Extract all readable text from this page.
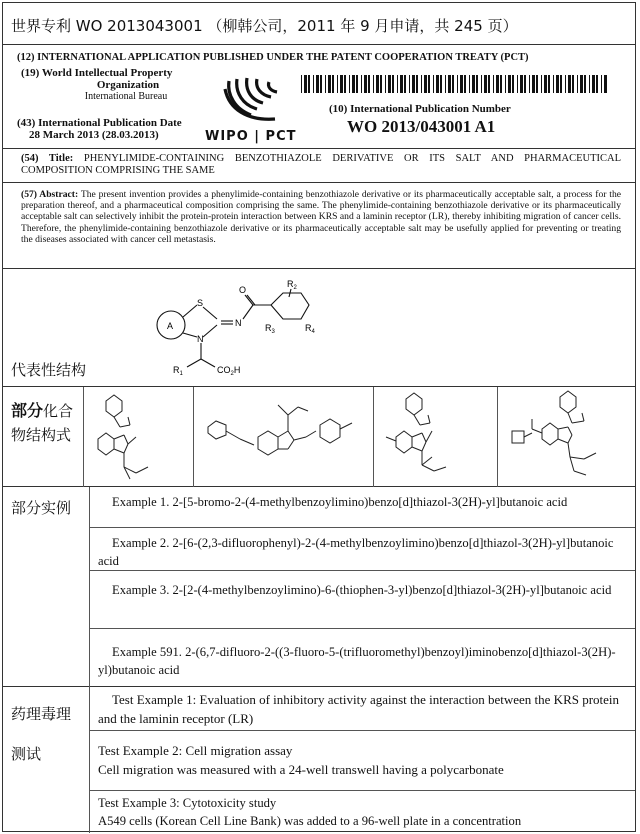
世界专利 WO 2013043001 （柳韩公司，2011 年 9 月申请，共 245 页）
(12) INTERNATIONAL APPLICATION PUBLISHED UNDER THE PATENT COOPERATION TREATY (PCT)
(19) World Intellectual Property
Organization
International Bureau
(43) International Publication Date
28 March 2013 (28.03.2013)	WIPO | PCT
(10) International Publication Number
WO 2013/043001 A1
(54) Title: PHENYLIMIDE-CONTAINING BENZOTHIAZOLE DERIVATIVE OR ITS SALT AND PHARMACEUTICAL COMPOSITION COMPRISING THE SAME
(57) Abstract: The present invention provides a phenylimide-containing benzothiazole derivative or its pharmaceutically acceptable salt, a process for the preparation thereof, and a pharmaceutical composition comprising the same. The phenylimide-containing benzothiazole derivative or its pharmaceutically acceptable salt can selectively inhibit the protein-protein interaction between KRS and a laminin receptor (LR), thereby inhibiting migration of cancer cells. Therefore, the phenylimide-containing benzothiazole derivative or its pharmaceutically acceptable salt may be usefully applied for preventing or treating the diseases associated with cancer cell metastasis.
代表性结构
A
S
N
N
O
$R_2$
$R_3$	$R_4$
$R_1$	$CO_2H$
部分化合物结构式
部分实例	Example 1. 2-[5-bromo-2-(4-methylbenzoylimino)benzo[d]thiazol-3(2H)-yl]butanoic acid

Example 2. 2-[6-(2,3-difluorophenyl)-2-(4-methylbenzoylimino)benzo[d]thiazol-3(2H)-yl]butanoic acid

Example 3. 2-[2-(4-methylbenzoylimino)-6-(thiophen-3-yl)benzo[d]thiazol-3(2H)-yl]butanoic acid

Example 591. 2-(6,7-difluoro-2-((3-fluoro-5-(trifluoromethyl)benzoyl)iminobenzo[d]thiazol-3(2H)-yl)butanoic acid

药理毒理
测试
Test Example 1: Evaluation of inhibitory activity against the interaction between the KRS protein and the laminin receptor (LR)
Test Example 2: Cell migration assay
Cell migration was measured with a 24-well transwell having a polycarbonate
Test Example 3: Cytotoxicity study
A549 cells (Korean Cell Line Bank) was added to a 96-well plate in a concentration
